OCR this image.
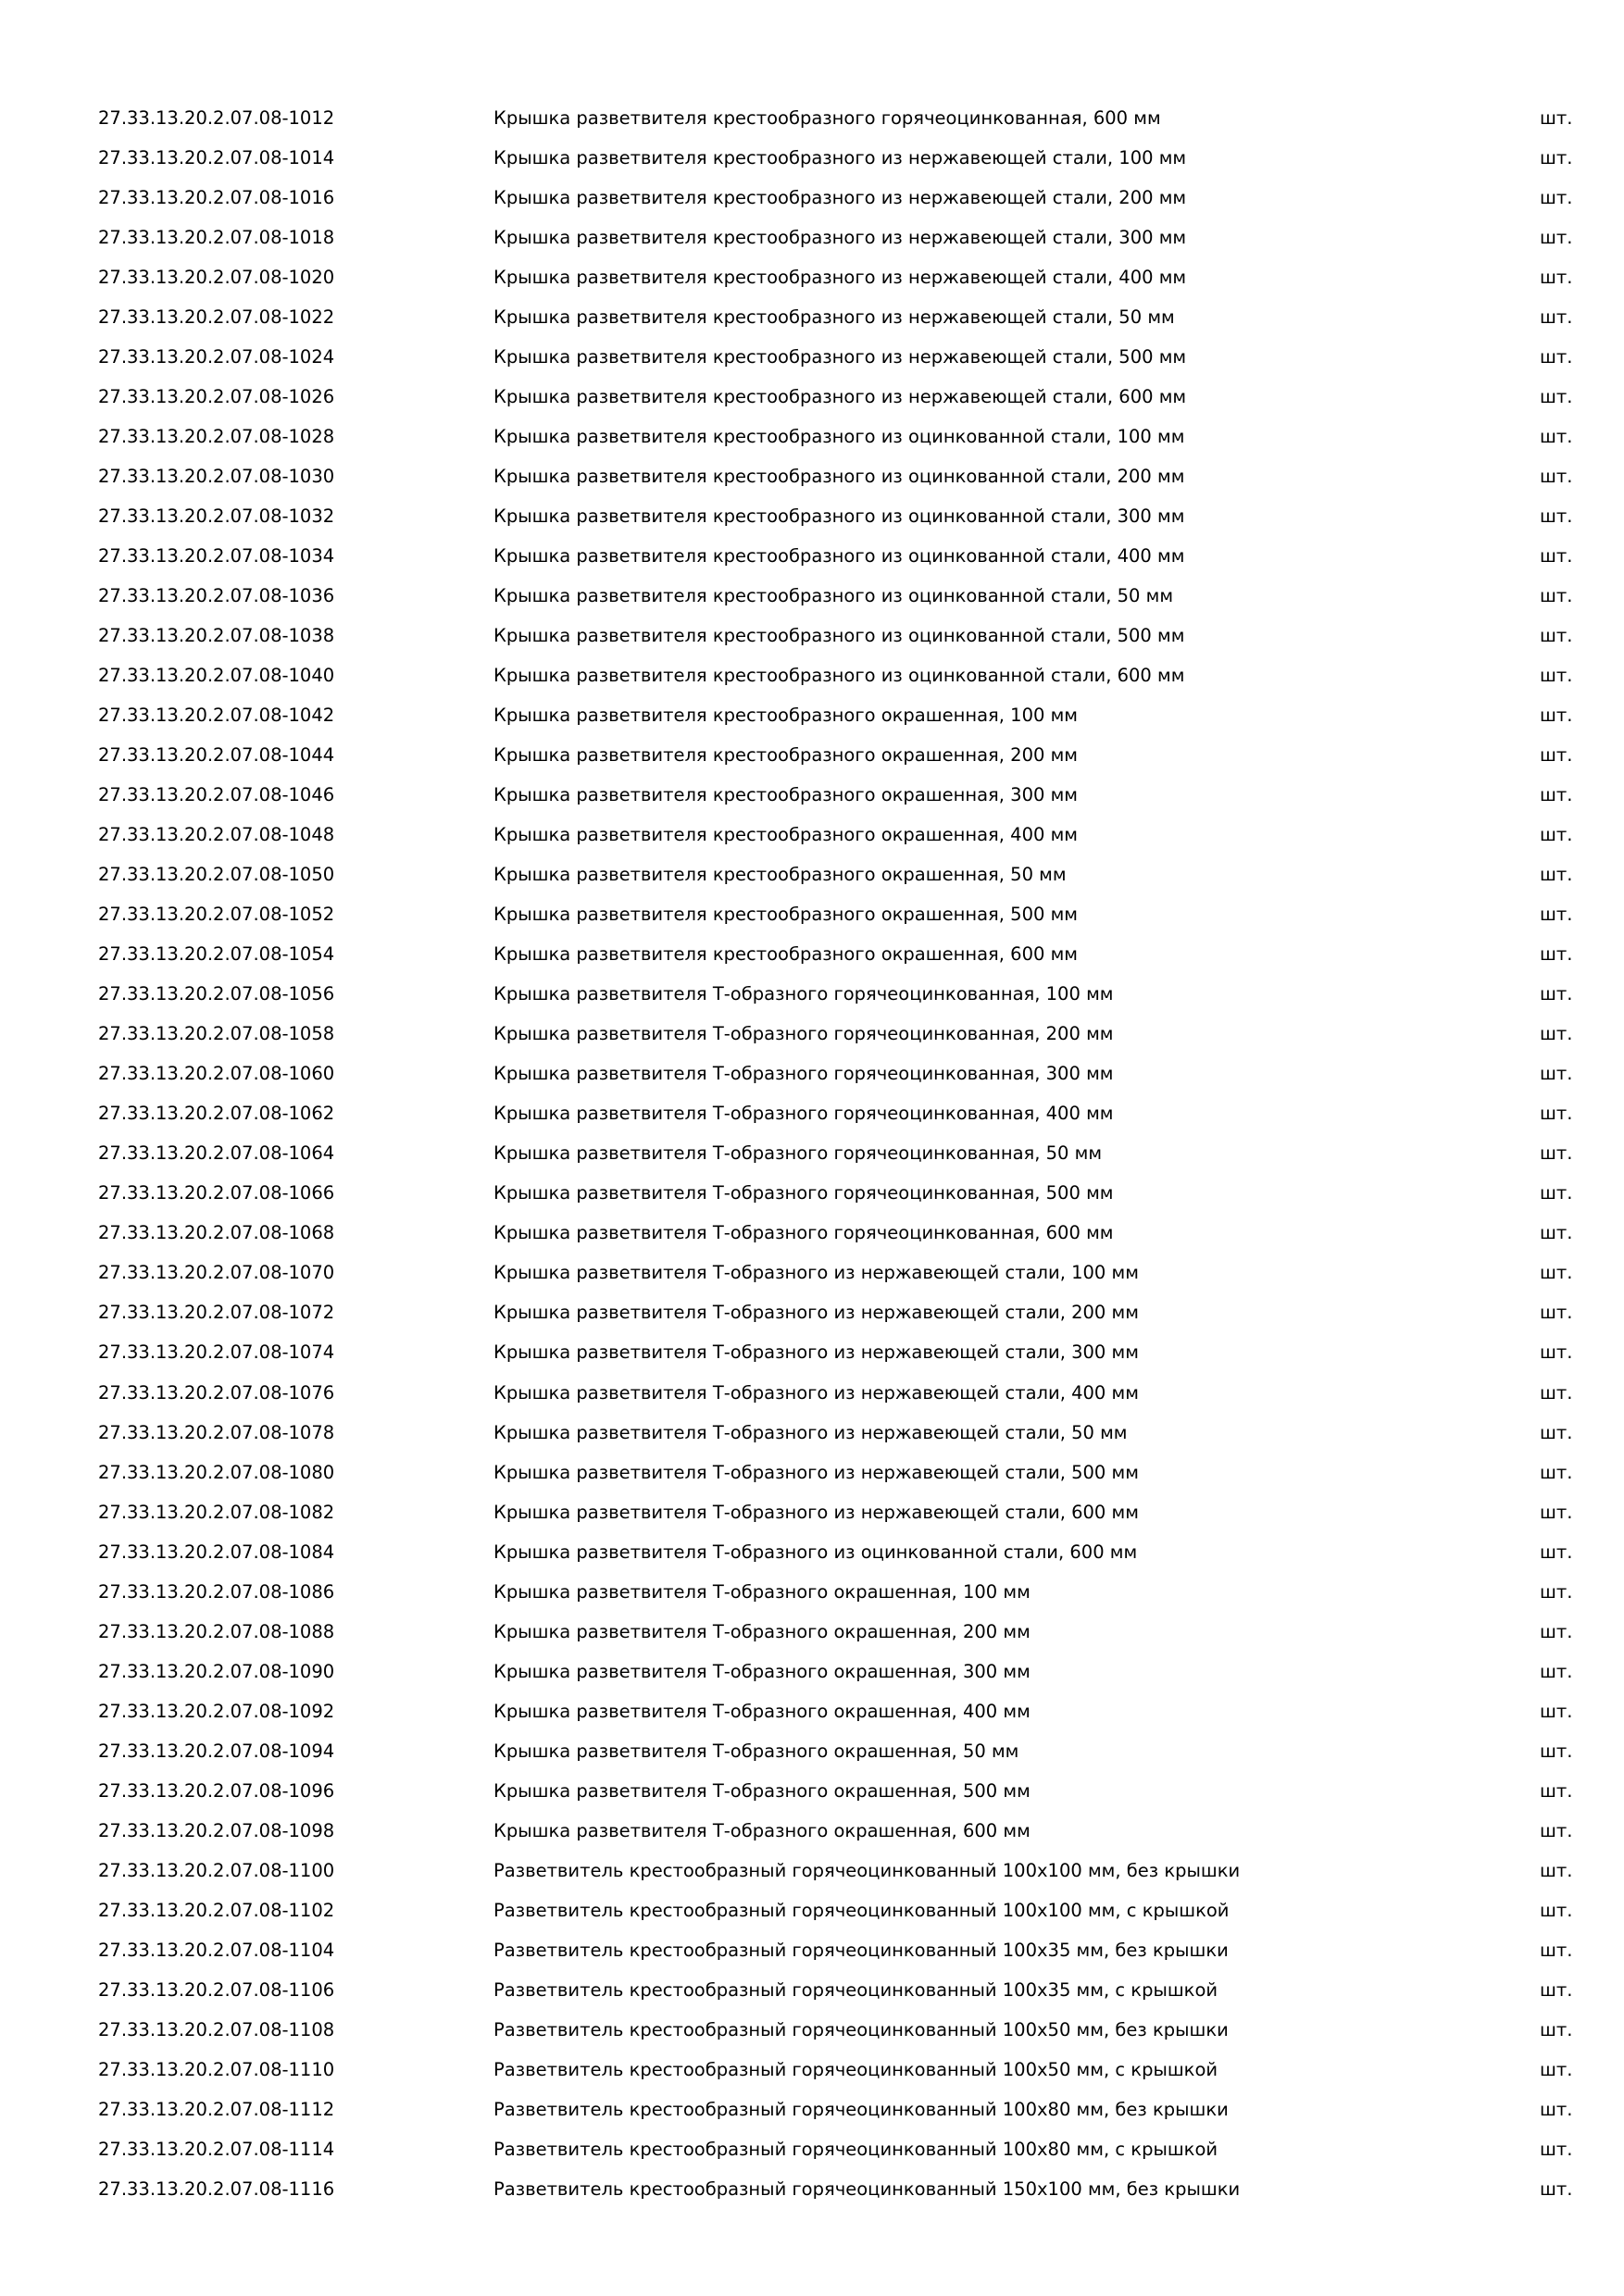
27.33.13.20.2.07.08-1012	Крышка разветвителя крестообразного горячеоцинкованная, 600 мм	шт.
27.33.13.20.2.07.08-1014	Крышка разветвителя крестообразного из нержавеющей стали, 100 мм	шт.
27.33.13.20.2.07.08-1016	Крышка разветвителя крестообразного из нержавеющей стали, 200 мм	шт.
27.33.13.20.2.07.08-1018	Крышка разветвителя крестообразного из нержавеющей стали, 300 мм	шт.
27.33.13.20.2.07.08-1020	Крышка разветвителя крестообразного из нержавеющей стали, 400 мм	шт.
27.33.13.20.2.07.08-1022	Крышка разветвителя крестообразного из нержавеющей стали, 50 мм	шт.
27.33.13.20.2.07.08-1024	Крышка разветвителя крестообразного из нержавеющей стали, 500 мм	шт.
27.33.13.20.2.07.08-1026	Крышка разветвителя крестообразного из нержавеющей стали, 600 мм	шт.
27.33.13.20.2.07.08-1028	Крышка разветвителя крестообразного из оцинкованной стали, 100 мм	шт.
27.33.13.20.2.07.08-1030	Крышка разветвителя крестообразного из оцинкованной стали, 200 мм	шт.
27.33.13.20.2.07.08-1032	Крышка разветвителя крестообразного из оцинкованной стали, 300 мм	шт.
27.33.13.20.2.07.08-1034	Крышка разветвителя крестообразного из оцинкованной стали, 400 мм	шт.
27.33.13.20.2.07.08-1036	Крышка разветвителя крестообразного из оцинкованной стали, 50 мм	шт.
27.33.13.20.2.07.08-1038	Крышка разветвителя крестообразного из оцинкованной стали, 500 мм	шт.
27.33.13.20.2.07.08-1040	Крышка разветвителя крестообразного из оцинкованной стали, 600 мм	шт.
27.33.13.20.2.07.08-1042	Крышка разветвителя крестообразного окрашенная, 100 мм	шт.
27.33.13.20.2.07.08-1044	Крышка разветвителя крестообразного окрашенная, 200 мм	шт.
27.33.13.20.2.07.08-1046	Крышка разветвителя крестообразного окрашенная, 300 мм	шт.
27.33.13.20.2.07.08-1048	Крышка разветвителя крестообразного окрашенная, 400 мм	шт.
27.33.13.20.2.07.08-1050	Крышка разветвителя крестообразного окрашенная, 50 мм	шт.
27.33.13.20.2.07.08-1052	Крышка разветвителя крестообразного окрашенная, 500 мм	шт.
27.33.13.20.2.07.08-1054	Крышка разветвителя крестообразного окрашенная, 600 мм	шт.
27.33.13.20.2.07.08-1056	Крышка разветвителя Т-образного горячеоцинкованная, 100 мм	шт.
27.33.13.20.2.07.08-1058	Крышка разветвителя Т-образного горячеоцинкованная, 200 мм	шт.
27.33.13.20.2.07.08-1060	Крышка разветвителя Т-образного горячеоцинкованная, 300 мм	шт.
27.33.13.20.2.07.08-1062	Крышка разветвителя Т-образного горячеоцинкованная, 400 мм	шт.
27.33.13.20.2.07.08-1064	Крышка разветвителя Т-образного горячеоцинкованная, 50 мм	шт.
27.33.13.20.2.07.08-1066	Крышка разветвителя Т-образного горячеоцинкованная, 500 мм	шт.
27.33.13.20.2.07.08-1068	Крышка разветвителя Т-образного горячеоцинкованная, 600 мм	шт.
27.33.13.20.2.07.08-1070	Крышка разветвителя Т-образного из нержавеющей стали, 100 мм	шт.
27.33.13.20.2.07.08-1072	Крышка разветвителя Т-образного из нержавеющей стали, 200 мм	шт.
27.33.13.20.2.07.08-1074	Крышка разветвителя Т-образного из нержавеющей стали, 300 мм	шт.
27.33.13.20.2.07.08-1076	Крышка разветвителя Т-образного из нержавеющей стали, 400 мм	шт.
27.33.13.20.2.07.08-1078	Крышка разветвителя Т-образного из нержавеющей стали, 50 мм	шт.
27.33.13.20.2.07.08-1080	Крышка разветвителя Т-образного из нержавеющей стали, 500 мм	шт.
27.33.13.20.2.07.08-1082	Крышка разветвителя Т-образного из нержавеющей стали, 600 мм	шт.
27.33.13.20.2.07.08-1084	Крышка разветвителя Т-образного из оцинкованной стали, 600 мм	шт.
27.33.13.20.2.07.08-1086	Крышка разветвителя Т-образного окрашенная, 100 мм	шт.
27.33.13.20.2.07.08-1088	Крышка разветвителя Т-образного окрашенная, 200 мм	шт.
27.33.13.20.2.07.08-1090	Крышка разветвителя Т-образного окрашенная, 300 мм	шт.
27.33.13.20.2.07.08-1092	Крышка разветвителя Т-образного окрашенная, 400 мм	шт.
27.33.13.20.2.07.08-1094	Крышка разветвителя Т-образного окрашенная, 50 мм	шт.
27.33.13.20.2.07.08-1096	Крышка разветвителя Т-образного окрашенная, 500 мм	шт.
27.33.13.20.2.07.08-1098	Крышка разветвителя Т-образного окрашенная, 600 мм	шт.
27.33.13.20.2.07.08-1100	Разветвитель крестообразный горячеоцинкованный 100х100 мм, без крышки	шт.
27.33.13.20.2.07.08-1102	Разветвитель крестообразный горячеоцинкованный 100х100 мм, с крышкой	шт.
27.33.13.20.2.07.08-1104	Разветвитель крестообразный горячеоцинкованный 100х35 мм, без крышки	шт.
27.33.13.20.2.07.08-1106	Разветвитель крестообразный горячеоцинкованный 100х35 мм, с крышкой	шт.
27.33.13.20.2.07.08-1108	Разветвитель крестообразный горячеоцинкованный 100х50 мм, без крышки	шт.
27.33.13.20.2.07.08-1110	Разветвитель крестообразный горячеоцинкованный 100х50 мм, с крышкой	шт.
27.33.13.20.2.07.08-1112	Разветвитель крестообразный горячеоцинкованный 100х80 мм, без крышки	шт.
27.33.13.20.2.07.08-1114	Разветвитель крестообразный горячеоцинкованный 100х80 мм, с крышкой	шт.
27.33.13.20.2.07.08-1116	Разветвитель крестообразный горячеоцинкованный 150х100 мм, без крышки	шт.
